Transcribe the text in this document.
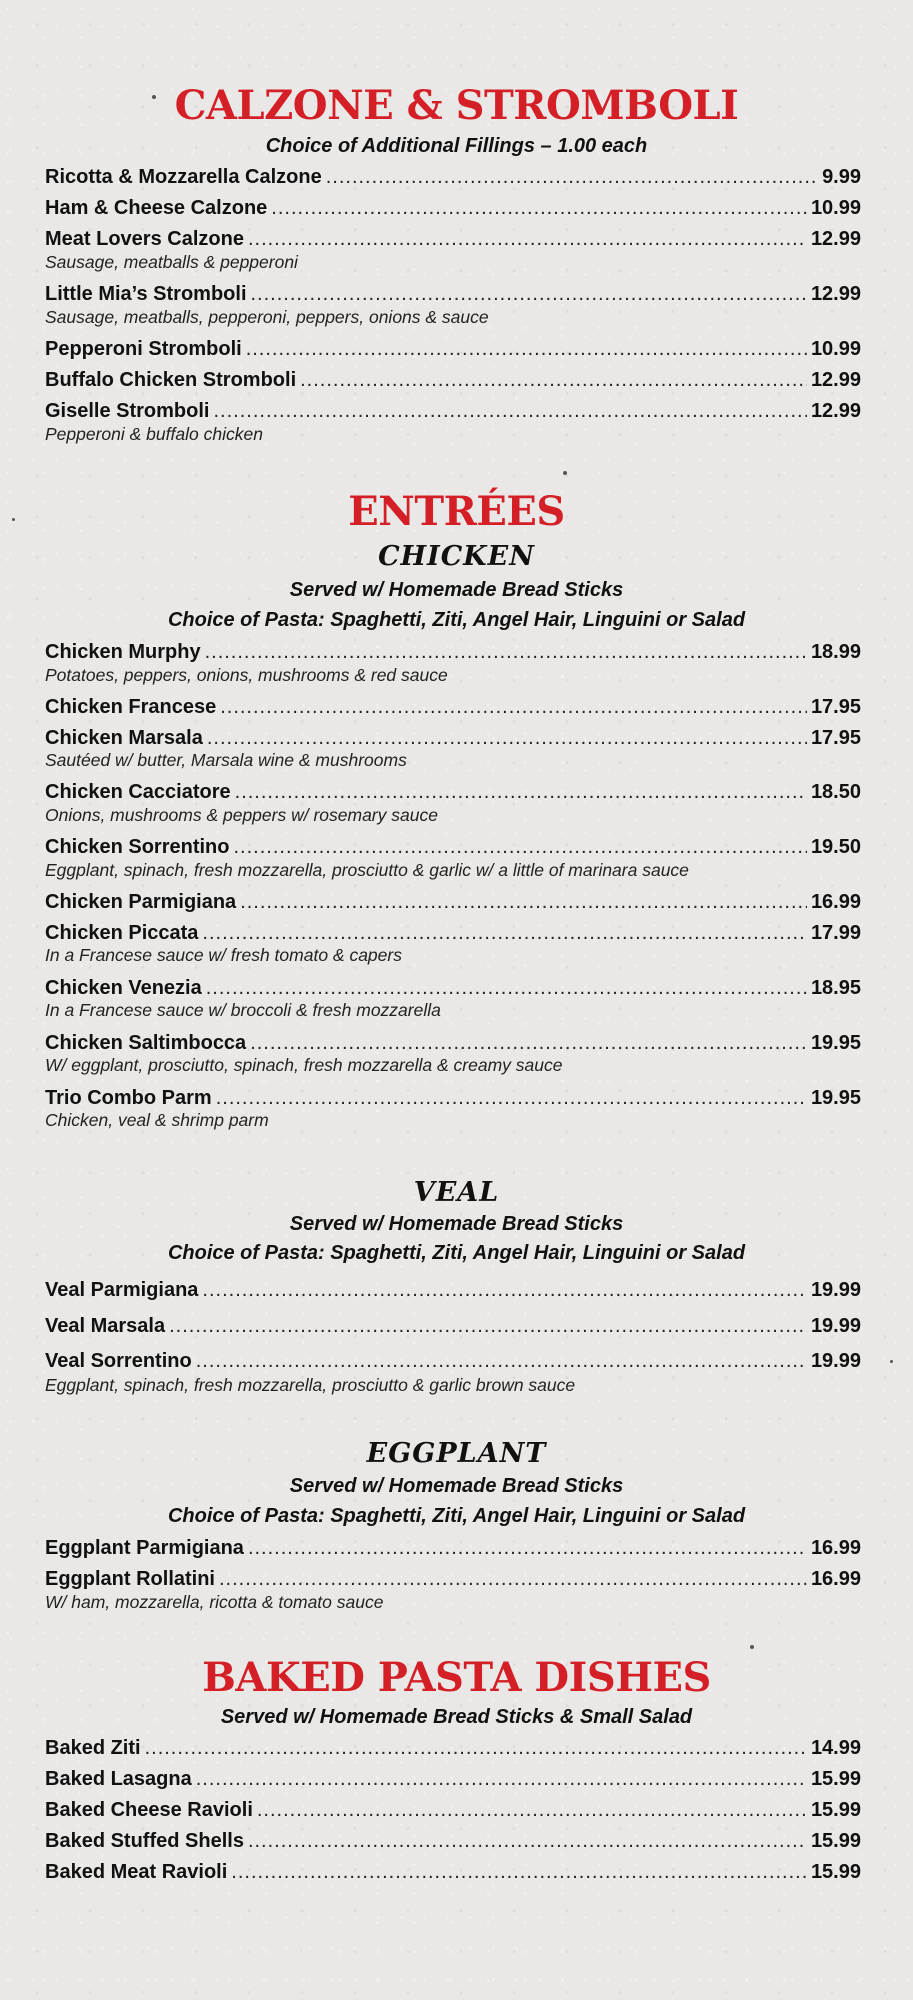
CALZONE & STROMBOLI
Choice of Additional Fillings – 1.00 each
Ricotta & Mozzarella Calzone .....	9.99
Ham & Cheese Calzone .....	10.99
Meat Lovers Calzone .....	12.99
Sausage, meatballs & pepperoni
Little Mia’s Stromboli .....	12.99
Sausage, meatballs, pepperoni, peppers, onions & sauce
Pepperoni Stromboli .....	10.99
Buffalo Chicken Stromboli .....	12.99
Giselle Stromboli .....	12.99
Pepperoni & buffalo chicken
ENTRÉES
CHICKEN
Served w/ Homemade Bread Sticks
Choice of Pasta: Spaghetti, Ziti, Angel Hair, Linguini or Salad
Chicken Murphy .....	18.99
Potatoes, peppers, onions, mushrooms & red sauce
Chicken Francese .....	17.95
Chicken Marsala .....	17.95
Sautéed w/ butter, Marsala wine & mushrooms
Chicken Cacciatore .....	18.50
Onions, mushrooms & peppers w/ rosemary sauce
Chicken Sorrentino .....	19.50
Eggplant, spinach, fresh mozzarella, prosciutto & garlic w/ a little of marinara sauce
Chicken Parmigiana .....	16.99
Chicken Piccata .....	17.99
In a Francese sauce w/ fresh tomato & capers
Chicken Venezia .....	18.95
In a Francese sauce w/ broccoli & fresh mozzarella
Chicken Saltimbocca .....	19.95
W/ eggplant, prosciutto, spinach, fresh mozzarella & creamy sauce
Trio Combo Parm .....	19.95
Chicken, veal & shrimp parm
VEAL
Served w/ Homemade Bread Sticks
Choice of Pasta: Spaghetti, Ziti, Angel Hair, Linguini or Salad
Veal Parmigiana .....	19.99
Veal Marsala .....	19.99
Veal Sorrentino .....	19.99
Eggplant, spinach, fresh mozzarella, prosciutto & garlic brown sauce
EGGPLANT
Served w/ Homemade Bread Sticks
Choice of Pasta: Spaghetti, Ziti, Angel Hair, Linguini or Salad
Eggplant Parmigiana .....	16.99
Eggplant Rollatini .....	16.99
W/ ham, mozzarella, ricotta & tomato sauce
BAKED PASTA DISHES
Served w/ Homemade Bread Sticks & Small Salad
Baked Ziti .....	14.99
Baked Lasagna .....	15.99
Baked Cheese Ravioli .....	15.99
Baked Stuffed Shells .....	15.99
Baked Meat Ravioli .....	15.99
